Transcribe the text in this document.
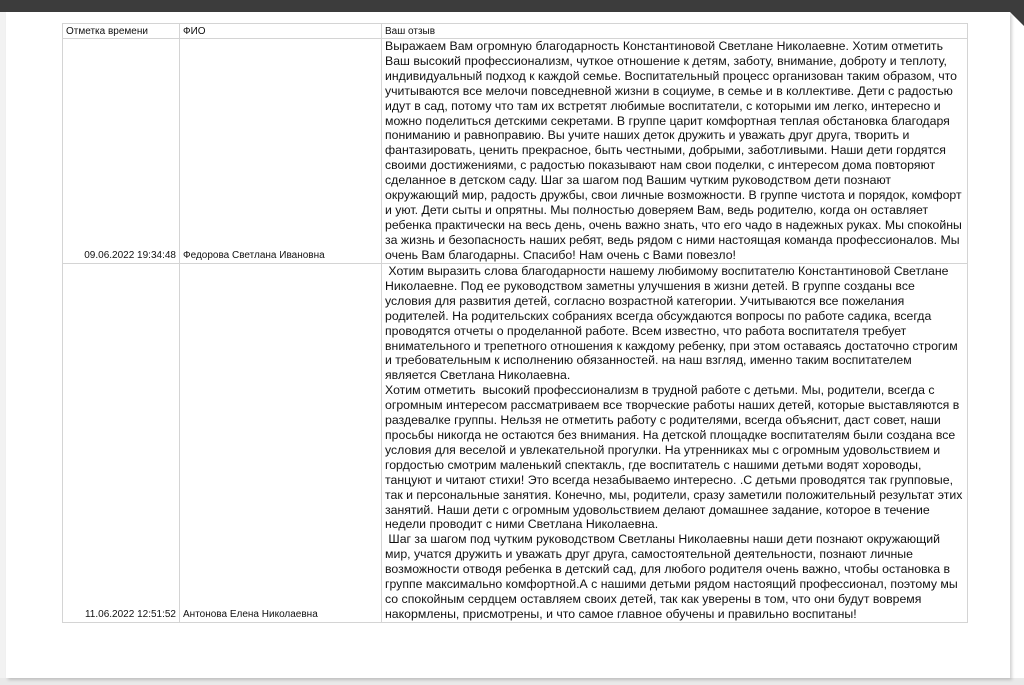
Отметка времени	ФИО	Ваш отзыв
09.06.2022 19:34:48	Федорова Светлана Ивановна	Выражаем Вам огромную благодарность Константиновой Светлане Николаевне. Хотим отметить Ваш высокий профессионализм, чуткое отношение к детям, заботу, внимание, доброту и теплоту, индивидуальный подход к каждой семье. Воспитательный процесс организован таким образом, что учитываются все мелочи повседневной жизни в социуме, в семье и в коллективе. Дети с радостью идут в сад, потому что там их встретят любимые воспитатели, с которыми им легко, интересно и можно поделиться детскими секретами. В группе царит комфортная теплая обстановка благодаря пониманию и равноправию. Вы учите наших деток дружить и уважать друг друга, творить и фантазировать, ценить прекрасное, быть честными, добрыми, заботливыми. Наши дети гордятся своими достижениями, с радостью показывают нам свои поделки, с интересом дома повторяют сделанное в детском саду. Шаг за шагом под Вашим чутким руководством дети познают окружающий мир, радость дружбы, свои личные возможности. В группе чистота и порядок, комфорт и уют. Дети сыты и опрятны. Мы полностью доверяем Вам, ведь родителю, когда он оставляет ребенка практически на весь день, очень важно знать, что его чадо в надежных руках. Мы спокойны за жизнь и безопасность наших ребят, ведь рядом с ними настоящая команда профессионалов. Мы очень Вам благодарны. Спасибо! Нам очень с Вами повезло!
11.06.2022 12:51:52	Антонова Елена Николаевна	Хотим выразить слова благодарности нашему любимому воспитателю Константиновой Светлане Николаевне. Под ее руководством заметны улучшения в жизни детей. В группе созданы все условия для развития детей, согласно возрастной категории. Учитываются все пожелания родителей. На родительских собраниях всегда обсуждаются вопросы по работе садика, всегда проводятся отчеты о проделанной работе. Всем известно, что работа воспитателя требует внимательного и трепетного отношения к каждому ребенку, при этом оставаясь достаточно строгим и требовательным к исполнению обязанностей. на наш взгляд, именно таким воспитателем является Светлана Николаевна.
Хотим отметить  высокий профессионализм в трудной работе с детьми. Мы, родители, всегда с огромным интересом рассматриваем все творческие работы наших детей, которые выставляются в раздевалке группы. Нельзя не отметить работу с родителями, всегда объяснит, даст совет, наши просьбы никогда не остаются без внимания. На детской площадке воспитателям были создана все условия для веселой и увлекательной прогулки. На утренниках мы с огромным удовольствием и гордостью смотрим маленький спектакль, где воспитатель с нашими детьми водят хороводы, танцуют и читают стихи! Это всегда незабываемо интересно. .С детьми проводятся так групповые, так и персональные занятия. Конечно, мы, родители, сразу заметили положительный результат этих занятий. Наши дети с огромным удовольствием делают домашнее задание, которое в течение недели проводит с ними Светлана Николаевна.
Шаг за шагом под чутким руководством Светланы Николаевны наши дети познают окружающий мир, учатся дружить и уважать друг друга, самостоятельной деятельности, познают личные возможности отводя ребенка в детский сад, для любого родителя очень важно, чтобы остановка в группе максимально комфортной.А с нашими детьми рядом настоящий профессионал, поэтому мы со спокойным сердцем оставляем своих детей, так как уверены в том, что они будут вовремя накормлены, присмотрены, и что самое главное обучены и правильно воспитаны!
